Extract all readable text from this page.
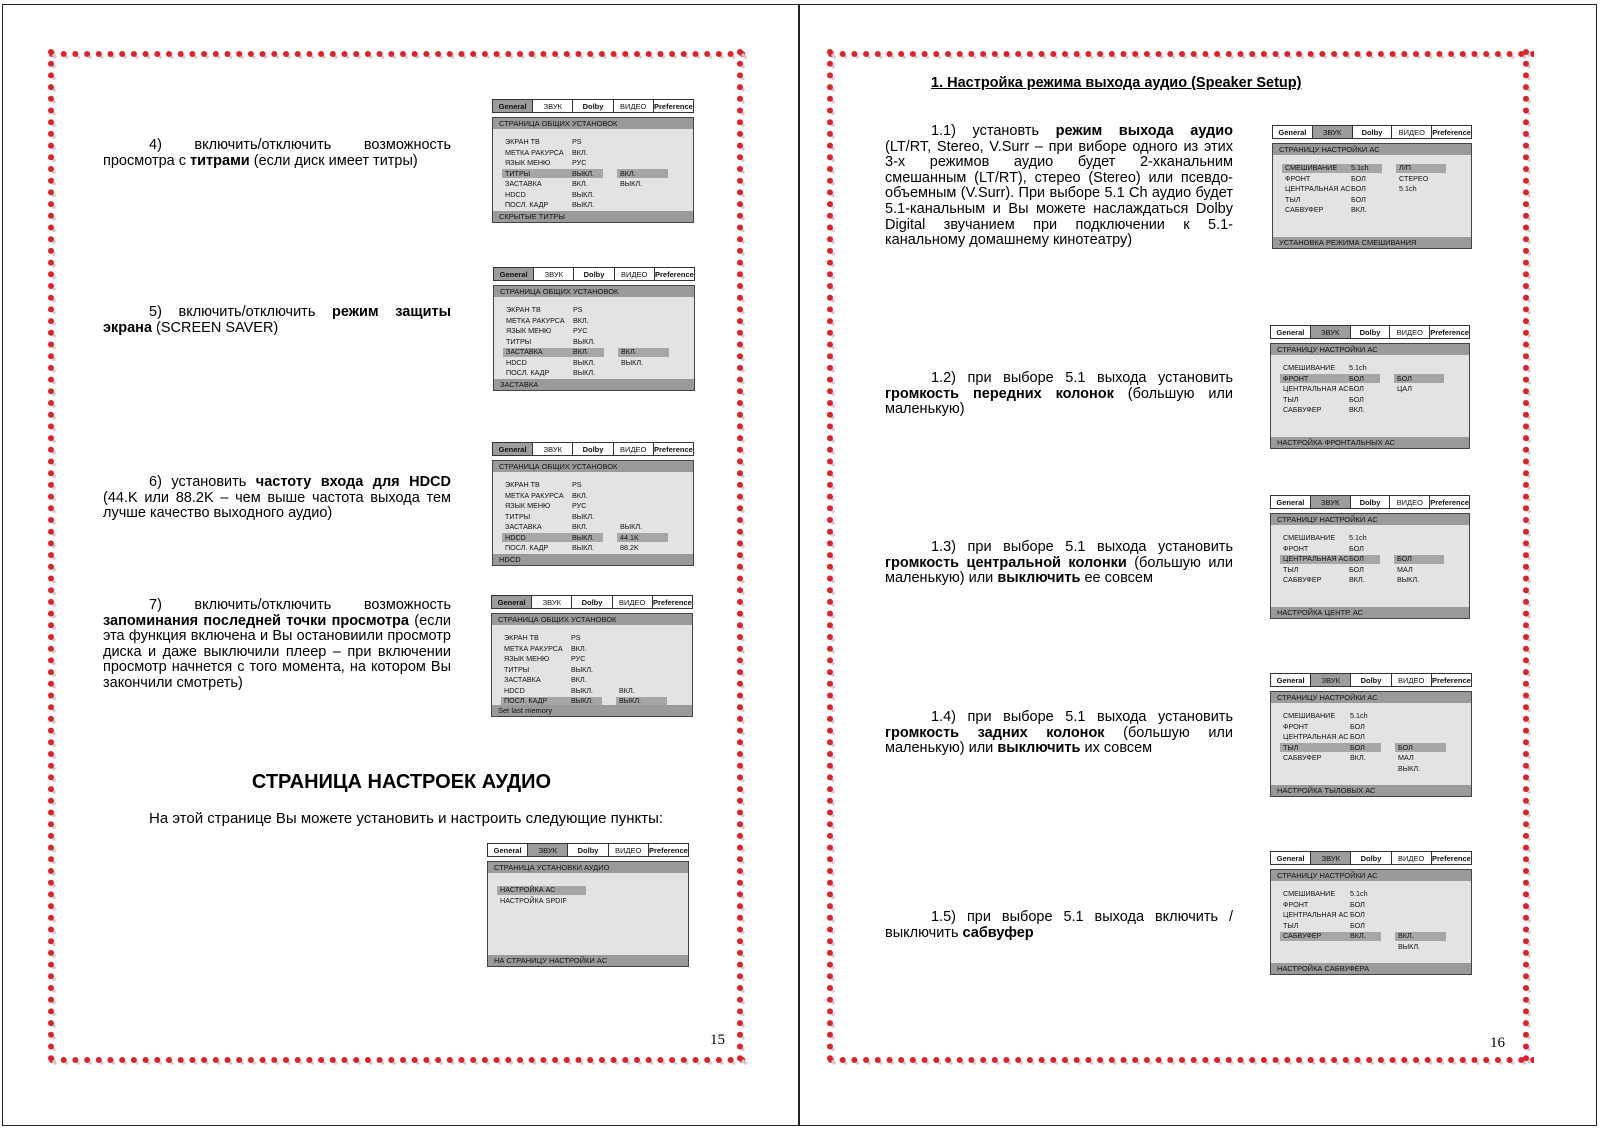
4) включить/отключить возможность просмотра с титрами (если диск имеет титры)
5) включить/отключить режим защиты экрана (SCREEN SAVER)
6) установить частоту входа для HDCD (44.K или 88.2K – чем выше частота выхода тем лучше качество выходного аудио)
7) включить/отключить возможность запоминания последней точки просмотра (если эта функция включена и Вы остановиили просмотр диска и даже выключили плеер – при включении просмотр начнется с того момента, на котором Вы закончили смотреть)
General	ЗВУК	Dolby	ВИДЕО	Preference
СТРАНИЦА ОБЩИХ УСТАНОВОК
ЭКРАН ТВ	PS
МЕТКА РАКУРСА ВКЛ.
ЯЗЫК МЕНЮ	РУС
ТИТРЫ	ВЫКЛ.	ВКЛ.
ЗАСТАВКА	ВКЛ.	ВЫКЛ.
HDCD	ВЫКЛ.
ПОСЛ. КАДР	ВЫКЛ.
СКРЫТЫЕ ТИТРЫ
General	ЗВУК	Dolby	ВИДЕО	Preference
СТРАНИЦА ОБЩИХ УСТАНОВОК
ЭКРАН ТВ	PS
МЕТКА РАКУРСА ВКЛ.
ЯЗЫК МЕНЮ	РУС
ТИТРЫ	ВЫКЛ.
ЗАСТАВКА	ВКЛ.	ВКЛ.
HDCD	ВЫКЛ.	ВЫКЛ.
ПОСЛ. КАДР	ВЫКЛ.
ЗАСТАВКА
General	ЗВУК	Dolby	ВИДЕО	Preference
СТРАНИЦА ОБЩИХ УСТАНОВОК
ЭКРАН ТВ	PS
МЕТКА РАКУРСА ВКЛ.
ЯЗЫК МЕНЮ	РУС
ТИТРЫ	ВЫКЛ.
ЗАСТАВКА	ВКЛ.	ВЫКЛ.
HDCD	ВЫКЛ.	44.1K
ПОСЛ. КАДР	ВЫКЛ.	88.2K
HDCD
General	ЗВУК	Dolby	ВИДЕО	Preference
СТРАНИЦА ОБЩИХ УСТАНОВОК
ЭКРАН ТВ	PS
МЕТКА РАКУРСА ВКЛ.
ЯЗЫК МЕНЮ	РУС
ТИТРЫ	ВЫКЛ.
ЗАСТАВКА	ВКЛ.
HDCD	ВЫКЛ.	ВКЛ.
ПОСЛ. КАДР	ВЫКЛ.	ВЫКЛ.
Set last memory
СТРАНИЦА НАСТРОЕК АУДИО
На этой странице Вы можете установить и настроить следующие пункты:
General	ЗВУК	Dolby	ВИДЕО	Preference
СТРАНИЦА УСТАНОВКИ АУДИО
НАСТРОЙКА АС
НАСТРОЙКА SPDIF
НА СТРАНИЦУ НАСТРОЙКИ АС
15
1. Настройка режима выхода аудио (Speaker Setup)
1.1) установть режим выхода аудио (LT/RT, Stereo, V.Surr – при виборе одного из этих 3-х режимов аудио будет 2-хканальним смешанным (LT/RT), стерео (Stereo) или псевдо-объемным (V.Surr). При выборе 5.1 Ch аудио будет 5.1-канальным и Вы можете наслаждаться Dolby Digital звучанием при подключении к 5.1-канальному домашнему кинотеатру)
1.2) при выборе 5.1 выхода установить громкость передних колонок (большую или маленькую)
1.3) при выборе 5.1 выхода установить громкость центральной колонки (большую или маленькую) или выключить ее совсем
1.4) при выборе 5.1 выхода установить громкость задних колонок (большую или маленькую) или выключить их совсем
1.5) при выборе 5.1 выхода включить / выключить сабвуфер
General	ЗВУК	Dolby	ВИДЕО Preference
СТРАНИЦУ НАСТРОЙКИ АС
СМЕШИВАНИЕ 5.1ch	Л/П
ФРОНТ	БОЛ	СТЕРЕО
ЦЕНТРАЛЬНАЯ АС БОЛ	5.1ch
ТЫЛ	БОЛ
САБВУФЕР	ВКЛ.
УСТАНОВКА РЕЖИМА СМЕШИВАНИЯ
General	ЗВУК	Dolby	ВИДЕО Preference
СТРАНИЦУ НАСТРОЙКИ АС
СМЕШИВАНИЕ 5.1ch
ФРОНТ	БОЛ	БОЛ
ЦЕНТРАЛЬНАЯ АС БОЛ	ЦАЛ
ТЫЛ	БОЛ
САБВУФЕР	ВКЛ.
НАСТРОЙКА ФРОНТАЛЬНЫХ АС
General	ЗВУК	Dolby	ВИДЕО Preference
СТРАНИЦУ НАСТРОЙКИ АС
СМЕШИВАНИЕ 5.1ch
ФРОНТ	БОЛ
ЦЕНТРАЛЬНАЯ АС БОЛ	БОЛ
ТЫЛ	БОЛ	МАЛ
САБВУФЕР	ВКЛ.	ВЫКЛ.
НАСТРОЙКА ЦЕНТР. АС
General	ЗВУК	Dolby	ВИДЕО	Preference
СТРАНИЦУ НАСТРОЙКИ АС
СМЕШИВАНИЕ 5.1ch
ФРОНТ	БОЛ
ЦЕНТРАЛЬНАЯ АС БОЛ
ТЫЛ	БОЛ	БОЛ
САБВУФЕР	ВКЛ.	МАЛ
ВЫКЛ.
НАСТРОЙКА ТЫЛОВЫХ АС
General	ЗВУК	Dolby	ВИДЕО	Preference
СТРАНИЦУ НАСТРОЙКИ АС
СМЕШИВАНИЕ 5.1ch
ФРОНТ	БОЛ
ЦЕНТРАЛЬНАЯ АС БОЛ
ТЫЛ	БОЛ
САБВУФЕР	ВКЛ.	ВКЛ.
ВЫКЛ.
НАСТРОЙКА САБВУФЕРА
16
